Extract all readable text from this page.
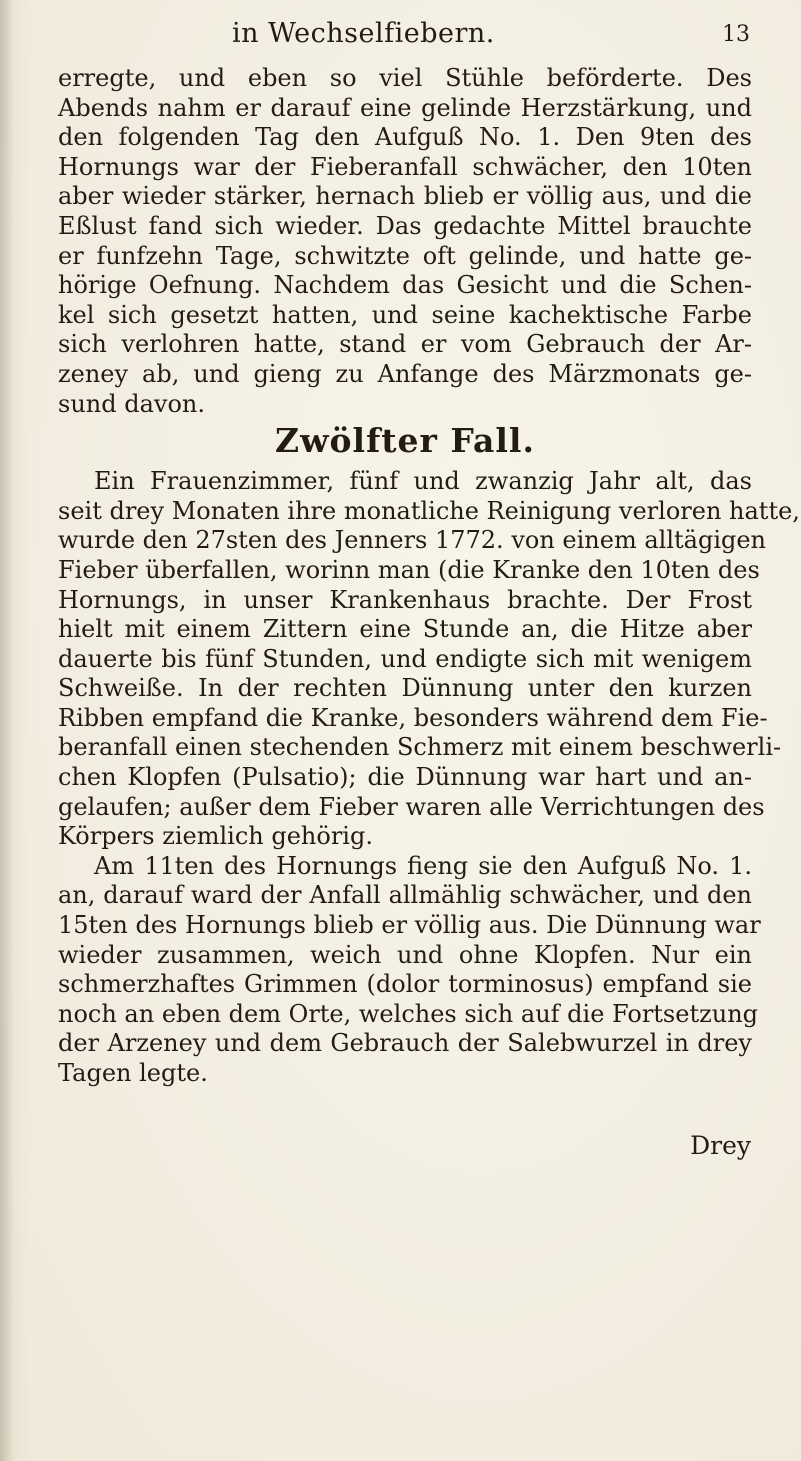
in Wechselfiebern.	13

erregte, und eben so viel Stühle beförderte. Des

Abends nahm er darauf eine gelinde Herzstärkung, und

den folgenden Tag den Aufguß No. 1. Den 9ten des

Hornungs war der Fieberanfall schwächer, den 10ten

aber wieder stärker, hernach blieb er völlig aus, und die

Eßlust fand sich wieder. Das gedachte Mittel brauchte

er funfzehn Tage, schwitzte oft gelinde, und hatte ge-

hörige Oefnung. Nachdem das Gesicht und die Schen-

kel sich gesetzt hatten, und seine kachektische Farbe

sich verlohren hatte, stand er vom Gebrauch der Ar-

zeney ab, und gieng zu Anfange des Märzmonats ge-

sund davon.

Zwölfter Fall.

Ein Frauenzimmer, fünf und zwanzig Jahr alt, das

seit drey Monaten ihre monatliche Reinigung verloren hatte,

wurde den 27sten des Jenners 1772. von einem alltägigen

Fieber überfallen, worinn man (die Kranke den 10ten des

Hornungs, in unser Krankenhaus brachte. Der Frost

hielt mit einem Zittern eine Stunde an, die Hitze aber

dauerte bis fünf Stunden, und endigte sich mit wenigem

Schweiße. In der rechten Dünnung unter den kurzen

Ribben empfand die Kranke, besonders während dem Fie-

beranfall einen stechenden Schmerz mit einem beschwerli-

chen Klopfen (Pulsatio); die Dünnung war hart und an-

gelaufen; außer dem Fieber waren alle Verrichtungen des

Körpers ziemlich gehörig.

Am 11ten des Hornungs fieng sie den Aufguß No. 1.

an, darauf ward der Anfall allmählig schwächer, und den

15ten des Hornungs blieb er völlig aus. Die Dünnung war

wieder zusammen, weich und ohne Klopfen. Nur ein

schmerzhaftes Grimmen (dolor torminosus) empfand sie

noch an eben dem Orte, welches sich auf die Fortsetzung

der Arzeney und dem Gebrauch der Salebwurzel in drey

Tagen legte.

Drey
